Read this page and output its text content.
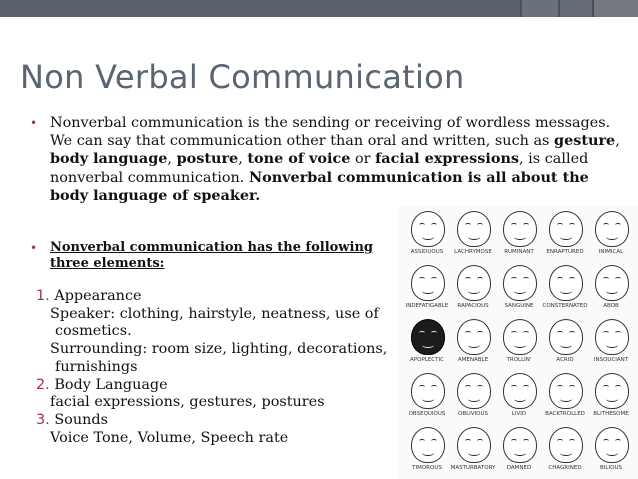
Non Verbal Communication
• Nonverbal communication is the sending or receiving of wordless messages. We can say that communication other than oral and written, such as gesture, body language, posture, tone of voice or facial expressions, is called nonverbal communication. Nonverbal communication is all about the body language of speaker.
• Nonverbal communication has the following three elements:
1. Appearance
Speaker: clothing, hairstyle, neatness, use of
cosmetics.
Surrounding: room size, lighting, decorations,
furnishings
2. Body Language
facial expressions, gestures, postures
3. Sounds
Voice Tone, Volume, Speech rate
ASSIDUOUS	LACHRYMOSE	RUMINANT	ENRAPTURED	INIMICAL
INDEFATIGABLE	RAPACIOUS	SANGUINE	CONSTERNATED	ABOB
APOPLECTIC	AMENABLE	TROLLIN'	ACRID	INSOUCIANT
OBSEQUIOUS	OBLIVIOUS	LIVID	BACKTROLLED	BLITHESOME
TIMOROUS	MASTURBATORY	DAMNED	CHAGRINED	BILIOUS
